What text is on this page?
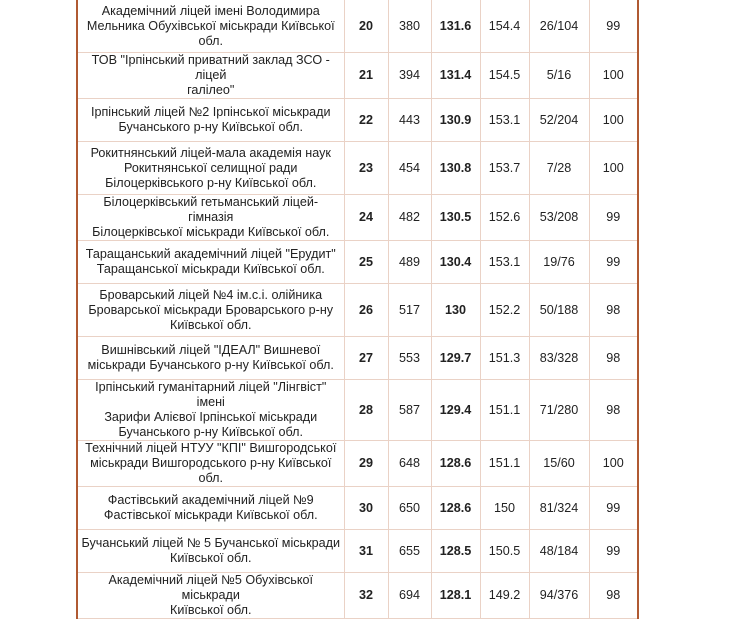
Академічний ліцей імені Володимира
Мельника Обухівської міськради Київської
обл.	20	380	131.6	154.4	26/104	99

ТОВ "Ірпінський приватний заклад ЗСО - ліцей
галілео"	21	394	131.4	154.5	5/16	100

Ірпінський ліцей №2 Ірпінської міськради
Бучанського р-ну Київської обл.	22	443	130.9	153.1	52/204	100

Рокитнянський ліцей-мала академія наук
Рокитнянської селищної ради
Білоцерківського р-ну Київської обл.	23	454	130.8	153.7	7/28	100

Білоцерківський гетьманський ліцей-гімназія
Білоцерківської міськради Київської обл.	24	482	130.5	152.6	53/208	99

Таращанський академічний ліцей "Ерудит"
Таращанської міськради Київської обл.	25	489	130.4	153.1	19/76	99

Броварський ліцей №4 ім.с.і. олійника
Броварської міськради Броварського р-ну
Київської обл.	26	517	130	152.2	50/188	98

Вишнівський ліцей "ІДЕАЛ" Вишневої
міськради Бучанського р-ну Київської обл.	27	553	129.7	151.3	83/328	98

Ірпінський гуманітарний ліцей "Лінгвіст" імені
Зарифи Алієвої Ірпінської міськради
Бучанського р-ну Київської обл.	28	587	129.4	151.1	71/280	98

Технічний ліцей НТУУ "КПІ" Вишгородської
міськради Вишгородського р-ну Київської обл.	29	648	128.6	151.1	15/60	100

Фастівський академічний ліцей №9
Фастівської міськради Київської обл.	30	650	128.6	150	81/324	99

Бучанський ліцей № 5 Бучанської міськради
Київської обл.	31	655	128.5	150.5	48/184	99

Академічний ліцей №5 Обухівської міськради
Київської обл.	32	694	128.1	149.2	94/376	98
